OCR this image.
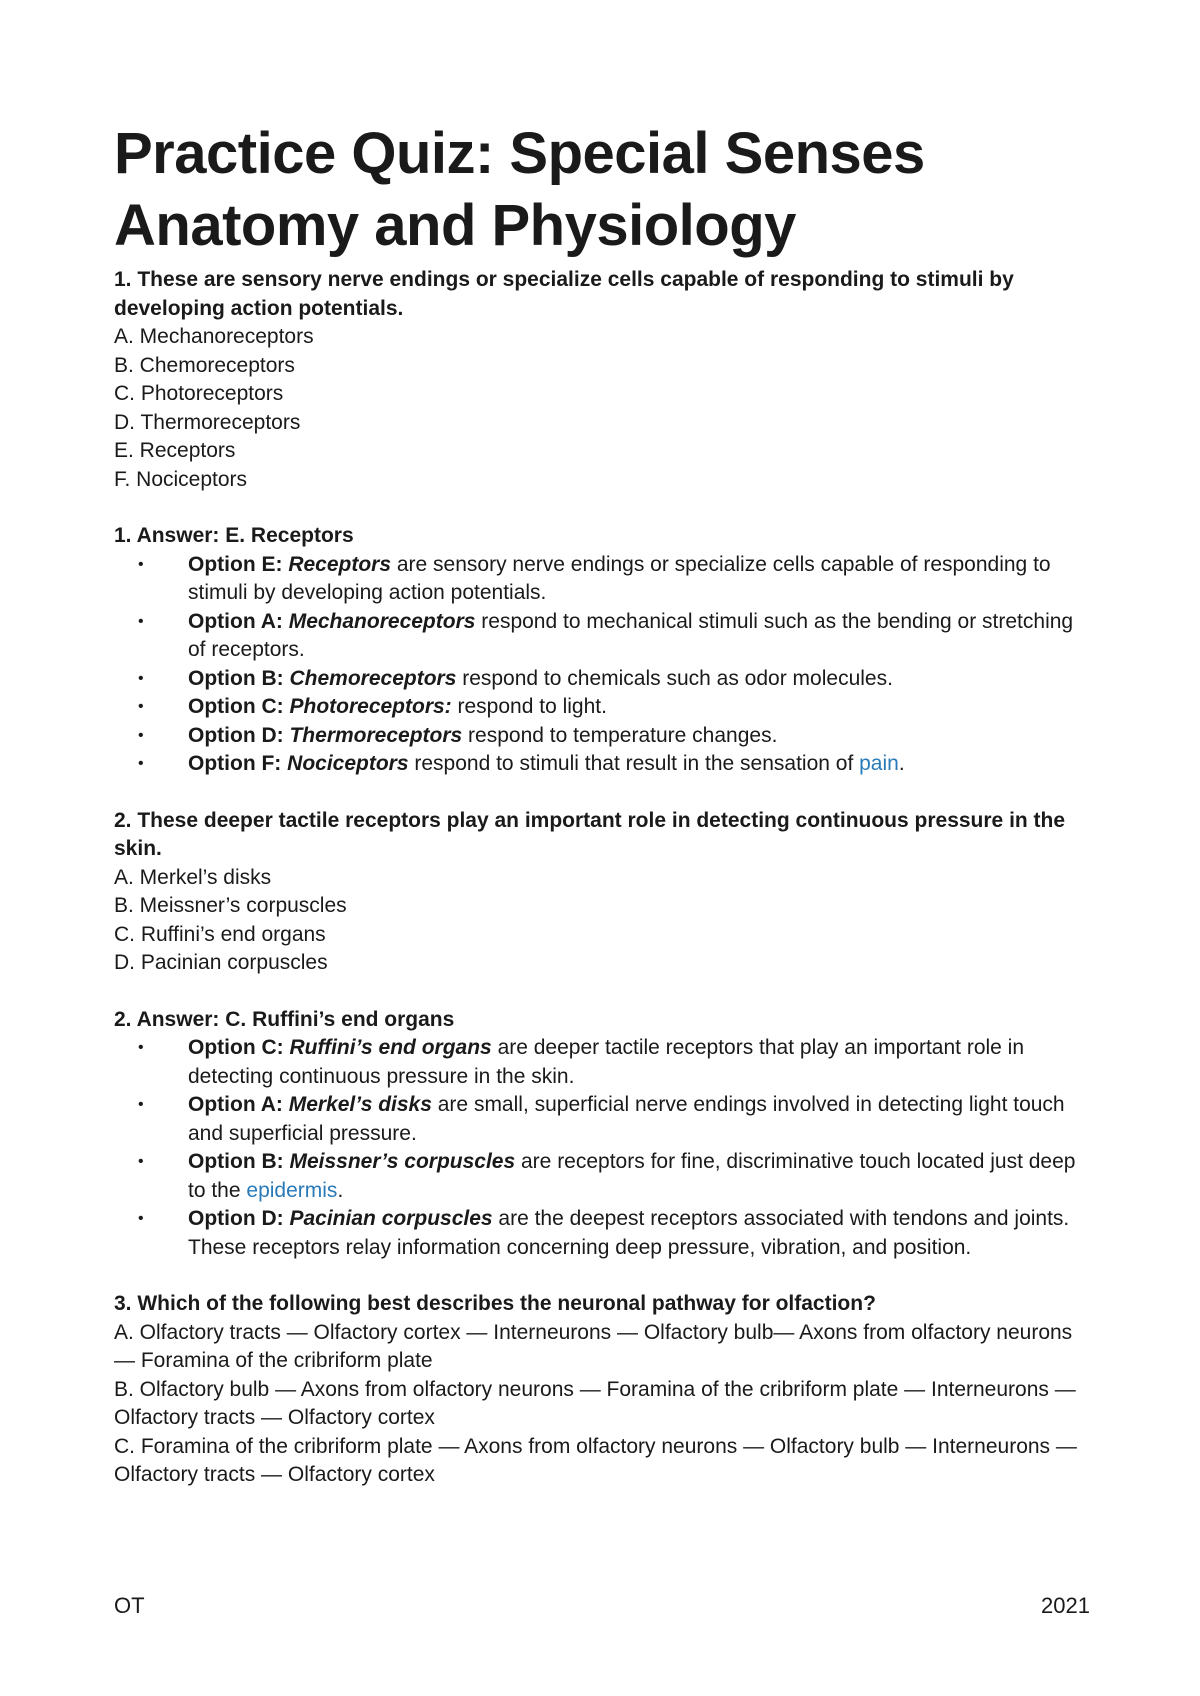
Practice Quiz: Special Senses
Anatomy and Physiology
1. These are sensory nerve endings or specialize cells capable of responding to stimuli by developing action potentials.
A. Mechanoreceptors
B. Chemoreceptors
C. Photoreceptors
D. Thermoreceptors
E. Receptors
F. Nociceptors
1. Answer: E. Receptors
• Option E: Receptors are sensory nerve endings or specialize cells capable of responding to stimuli by developing action potentials.
• Option A: Mechanoreceptors respond to mechanical stimuli such as the bending or stretching of receptors.
• Option B: Chemoreceptors respond to chemicals such as odor molecules.
• Option C: Photoreceptors: respond to light.
• Option D: Thermoreceptors respond to temperature changes.
• Option F: Nociceptors respond to stimuli that result in the sensation of pain.
2. These deeper tactile receptors play an important role in detecting continuous pressure in the skin.
A. Merkel’s disks
B. Meissner’s corpuscles
C. Ruffini’s end organs
D. Pacinian corpuscles
2. Answer: C. Ruffini’s end organs
• Option C: Ruffini’s end organs are deeper tactile receptors that play an important role in detecting continuous pressure in the skin.
• Option A: Merkel’s disks are small, superficial nerve endings involved in detecting light touch and superficial pressure.
• Option B: Meissner’s corpuscles are receptors for fine, discriminative touch located just deep to the epidermis.
• Option D: Pacinian corpuscles are the deepest receptors associated with tendons and joints. These receptors relay information concerning deep pressure, vibration, and position.
3. Which of the following best describes the neuronal pathway for olfaction?
A. Olfactory tracts — Olfactory cortex — Interneurons — Olfactory bulb— Axons from olfactory neurons — Foramina of the cribriform plate
B. Olfactory bulb — Axons from olfactory neurons — Foramina of the cribriform plate — Interneurons — Olfactory tracts — Olfactory cortex
C. Foramina of the cribriform plate — Axons from olfactory neurons — Olfactory bulb — Interneurons — Olfactory tracts — Olfactory cortex
OT	2021
